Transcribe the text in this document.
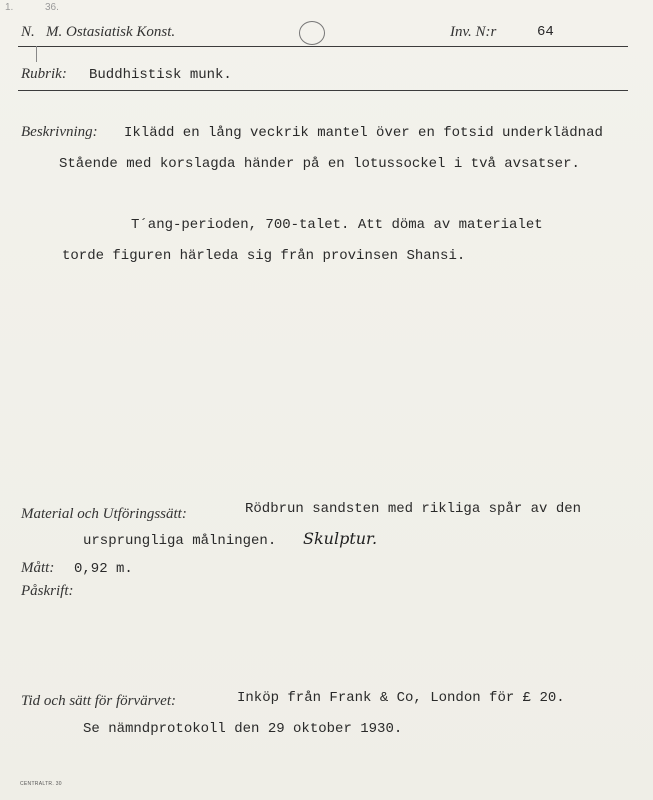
1.	36.
N. M. Ostasiatisk Konst.	Inv. N:r	64
Rubrik: Buddhistisk munk.
Beskrivning: Iklädd en lång veckrik mantel över en fotsid underklädnad
Stående med korslagda händer på en lotussockel i två avsatser.
T´ang-perioden, 700-talet. Att döma av materialet
torde figuren härleda sig från provinsen Shansi.
Material och Utföringssätt:	Rödbrun sandsten med rikliga spår av den
ursprungliga målningen. Skulptur.
Mått: 0,92 m.
Påskrift:
Tid och sätt för förvärvet:	Inköp från Frank & Co, London för £ 20.
Se nämndprotokoll den 29 oktober 1930.
CENTRALTR. 30
